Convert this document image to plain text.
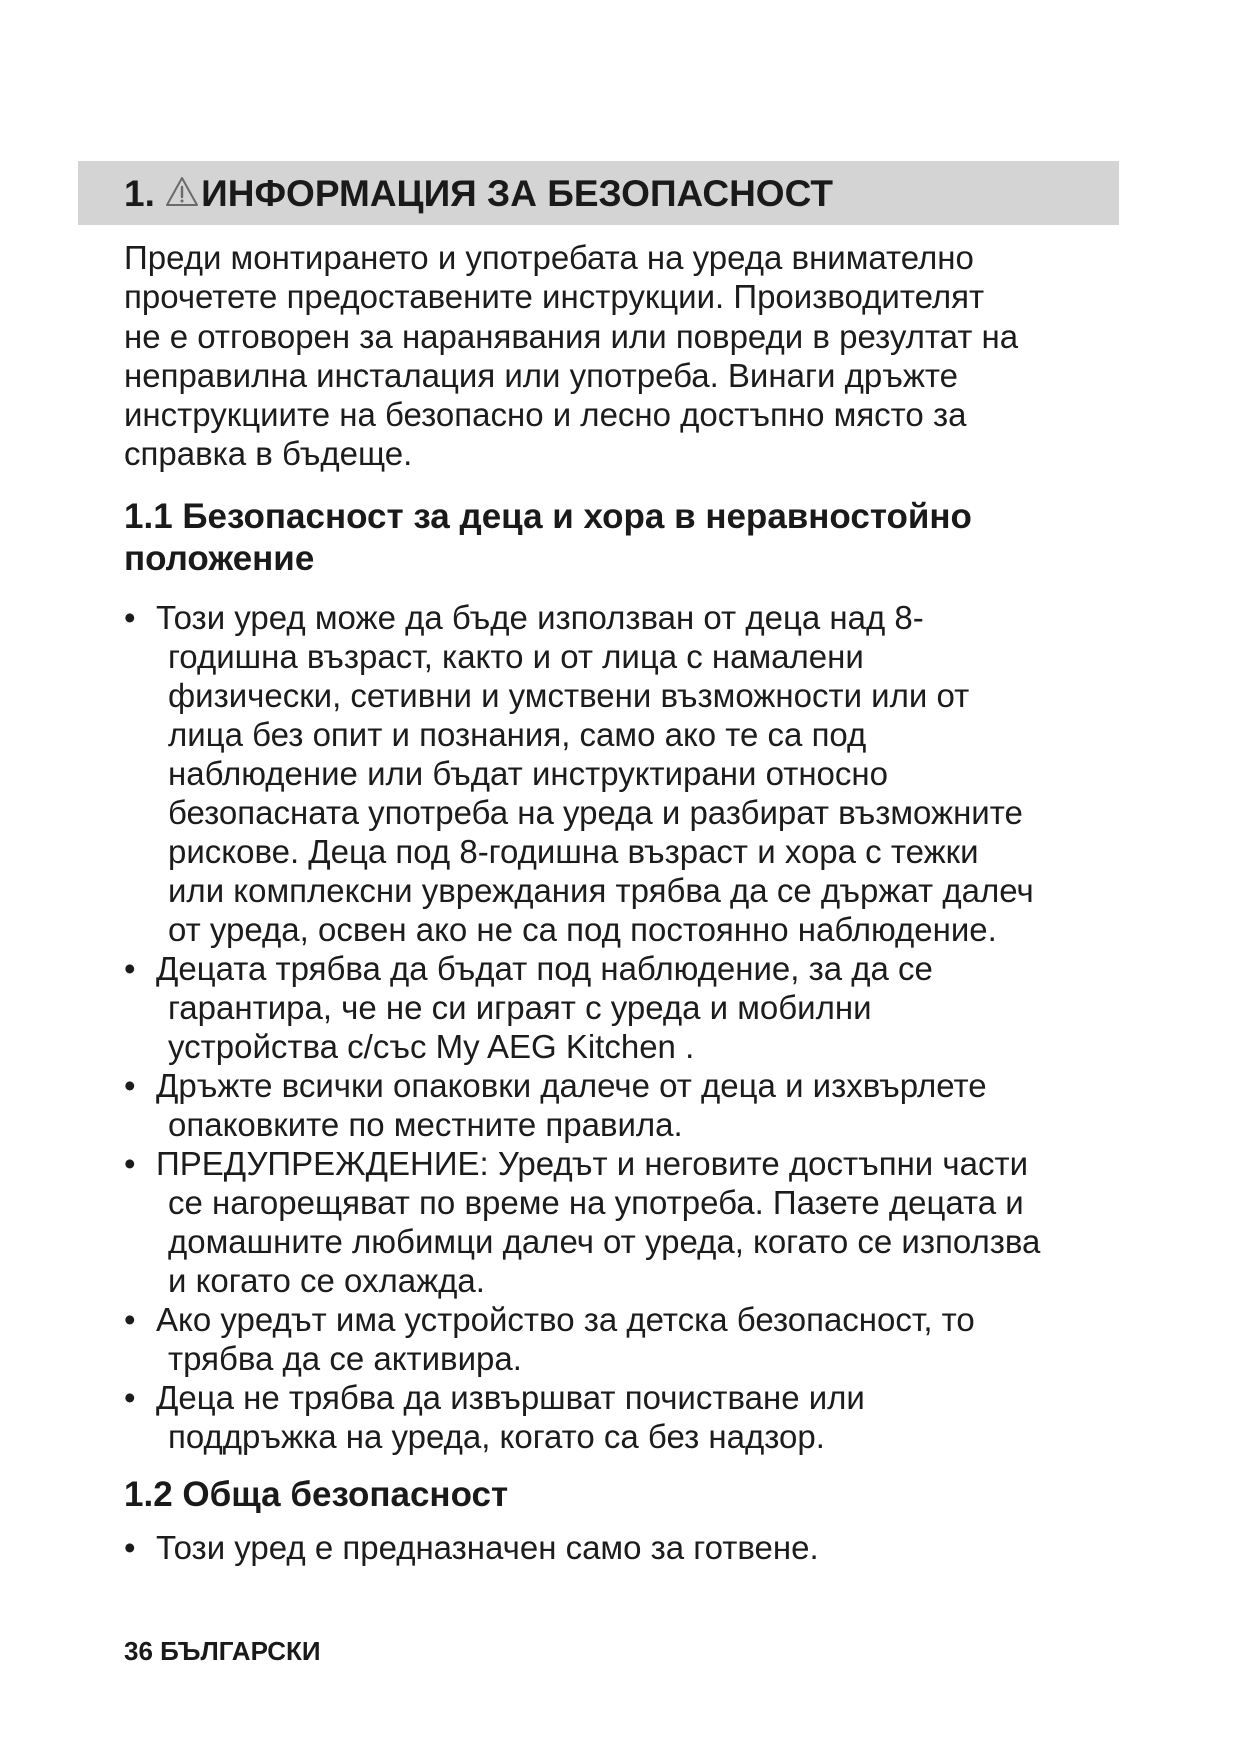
1. ИНФОРМАЦИЯ ЗА БЕЗОПАСНОСТ
Преди монтирането и употребата на уреда внимателно
прочетете предоставените инструкции. Производителят
не е отговорен за наранявания или повреди в резултат на
неправилна инсталация или употреба. Винаги дръжте
инструкциите на безопасно и лесно достъпно място за
справка в бъдеще.
1.1 Безопасност за деца и хора в неравностойно
положение
• Този уред може да бъде използван от деца над 8-
годишна възраст, както и от лица с намалени
физически, сетивни и умствени възможности или от
лица без опит и познания, само ако те са под
наблюдение или бъдат инструктирани относно
безопасната употреба на уреда и разбират възможните
рискове. Деца под 8-годишна възраст и хора с тежки
или комплексни увреждания трябва да се държат далеч
от уреда, освен ако не са под постоянно наблюдение.
• Децата трябва да бъдат под наблюдение, за да се
гарантира, че не си играят с уреда и мобилни
устройства с/със My AEG Kitchen .
• Дръжте всички опаковки далече от деца и изхвърлете
опаковките по местните правила.
• ПРЕДУПРЕЖДЕНИЕ: Уредът и неговите достъпни части
се нагорещяват по време на употреба. Пазете децата и
домашните любимци далеч от уреда, когато се използва
и когато се охлажда.
• Ако уредът има устройство за детска безопасност, то
трябва да се активира.
• Деца не трябва да извършват почистване или
поддръжка на уреда, когато са без надзор.
1.2 Обща безопасност
• Този уред е предназначен само за готвене.
36 БЪЛГАРСКИ
